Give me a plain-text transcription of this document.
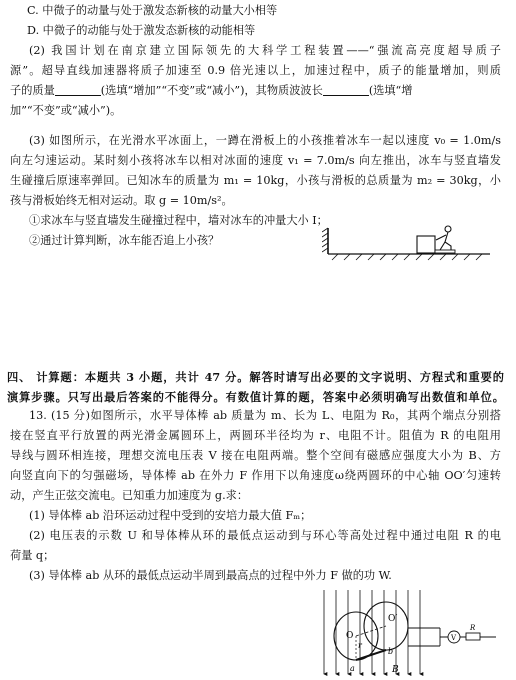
C. 中微子的动量与处于激发态新核的动量大小相等
D. 中微子的动能与处于激发态新核的动能相等
(2) 我国计划在南京建立国际领先的大科学工程装置——“强流高亮度超导质子
源”。超导直线加速器将质子加速至 0.9 倍光速以上，加速过程中，质子的能量增加，则质
子的质量	(选填“增加”“不变”或“减小”)，其物质波波长	(选填“增
加”“不变”或“减小”)。
(3) 如图所示，在光滑水平冰面上，一蹲在滑板上的小孩推着冰车一起以速度 v₀ = 1.0m/s
向左匀速运动。某时刻小孩将冰车以相对冰面的速度 v₁ = 7.0m/s 向左推出，冰车与竖直墙发
生碰撞后原速率弹回。已知冰车的质量为 m₁ = 10kg，小孩与滑板的总质量为 m₂ = 30kg，小
孩与滑板始终无相对运动。取 g = 10m/s²。
①求冰车与竖直墙发生碰撞过程中，墙对冰车的冲量大小 I；
②通过计算判断，冰车能否追上小孩？
四、 计算题：本题共 3 小题，共计 47 分。解答时请写出必要的文字说明、方程式和重要的
演算步骤。只写出最后答案的不能得分。有数值计算的题，答案中必须明确写出数值和单位。
13. (15 分)如图所示，水平导体棒 ab 质量为 m、长为 L、电阻为 R₀，其两个端点分别搭
接在竖直平行放置的两光滑金属圆环上，两圆环半径均为 r、电阻不计。阻值为 R 的电阻用
导线与圆环相连接，理想交流电压表 V 接在电阻两端。整个空间有磁感应强度大小为 B、方
向竖直向下的匀强磁场，导体棒 ab 在外力 F 作用下以角速度ω绕两圆环的中心轴 OO′匀速转
动，产生正弦交流电。已知重力加速度为 g.求：
(1) 导体棒 ab 沿环运动过程中受到的安培力最大值 Fₘ；
(2) 电压表的示数 U 和导体棒从环的最低点运动到与环心等高处过程中通过电阻 R 的电
荷量 q；
(3) 导体棒 ab 从环的最低点运动半周到最高点的过程中外力 F 做的功 W.
O′
O
r
b
a	B
V
R
